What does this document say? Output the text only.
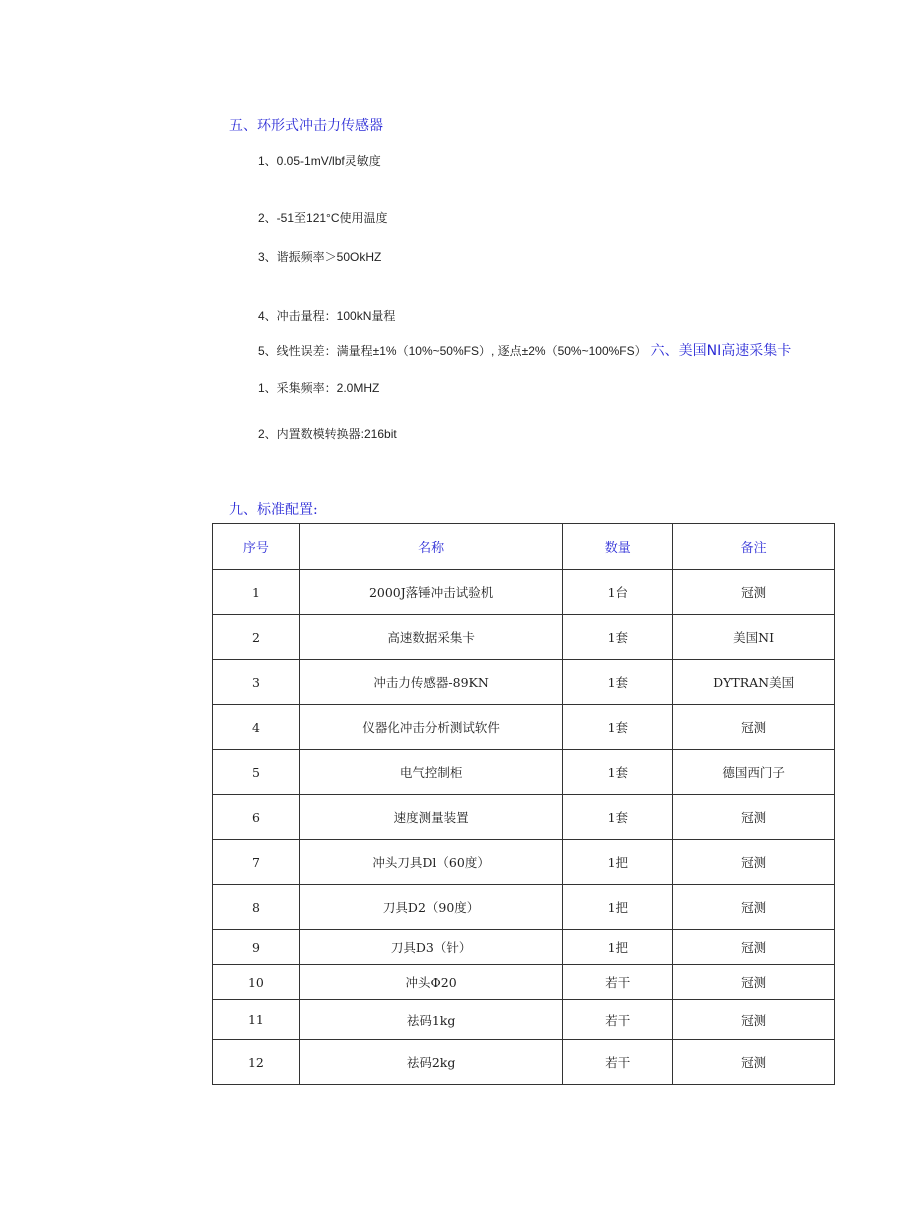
五、环形式冲击力传感器
1、0.05-1mV/lbf灵敏度
2、-51至121°C使用温度
3、谐振频率＞50OkHZ
4、冲击量程：100kN量程
5、线性误差：满量程±1%（10%~50%FS）, 逐点±2%（50%~100%FS） 六、美国NI高速采集卡
1、采集频率：2.0MHZ
2、内置数模转换器:216bit
九、标准配置:
序号	名称	数量	备注
1	2000J落锤冲击试验机	1台	冠测
2	高速数据采集卡	1套	美国NI
3	冲击力传感器-89KN	1套	DYTRAN美国
4	仪器化冲击分析测试软件	1套	冠测
5	电气控制柜	1套	德国西门子
6	速度测量装置	1套	冠测
7	冲头刀具Dl（60度）	1把	冠测
8	刀具D2（90度）	1把	冠测
9	刀具D3（针）	1把	冠测
10	冲头Φ20	若干	冠测
11	祛码1kg	若干	冠测
12	祛码2kg	若干	冠测
